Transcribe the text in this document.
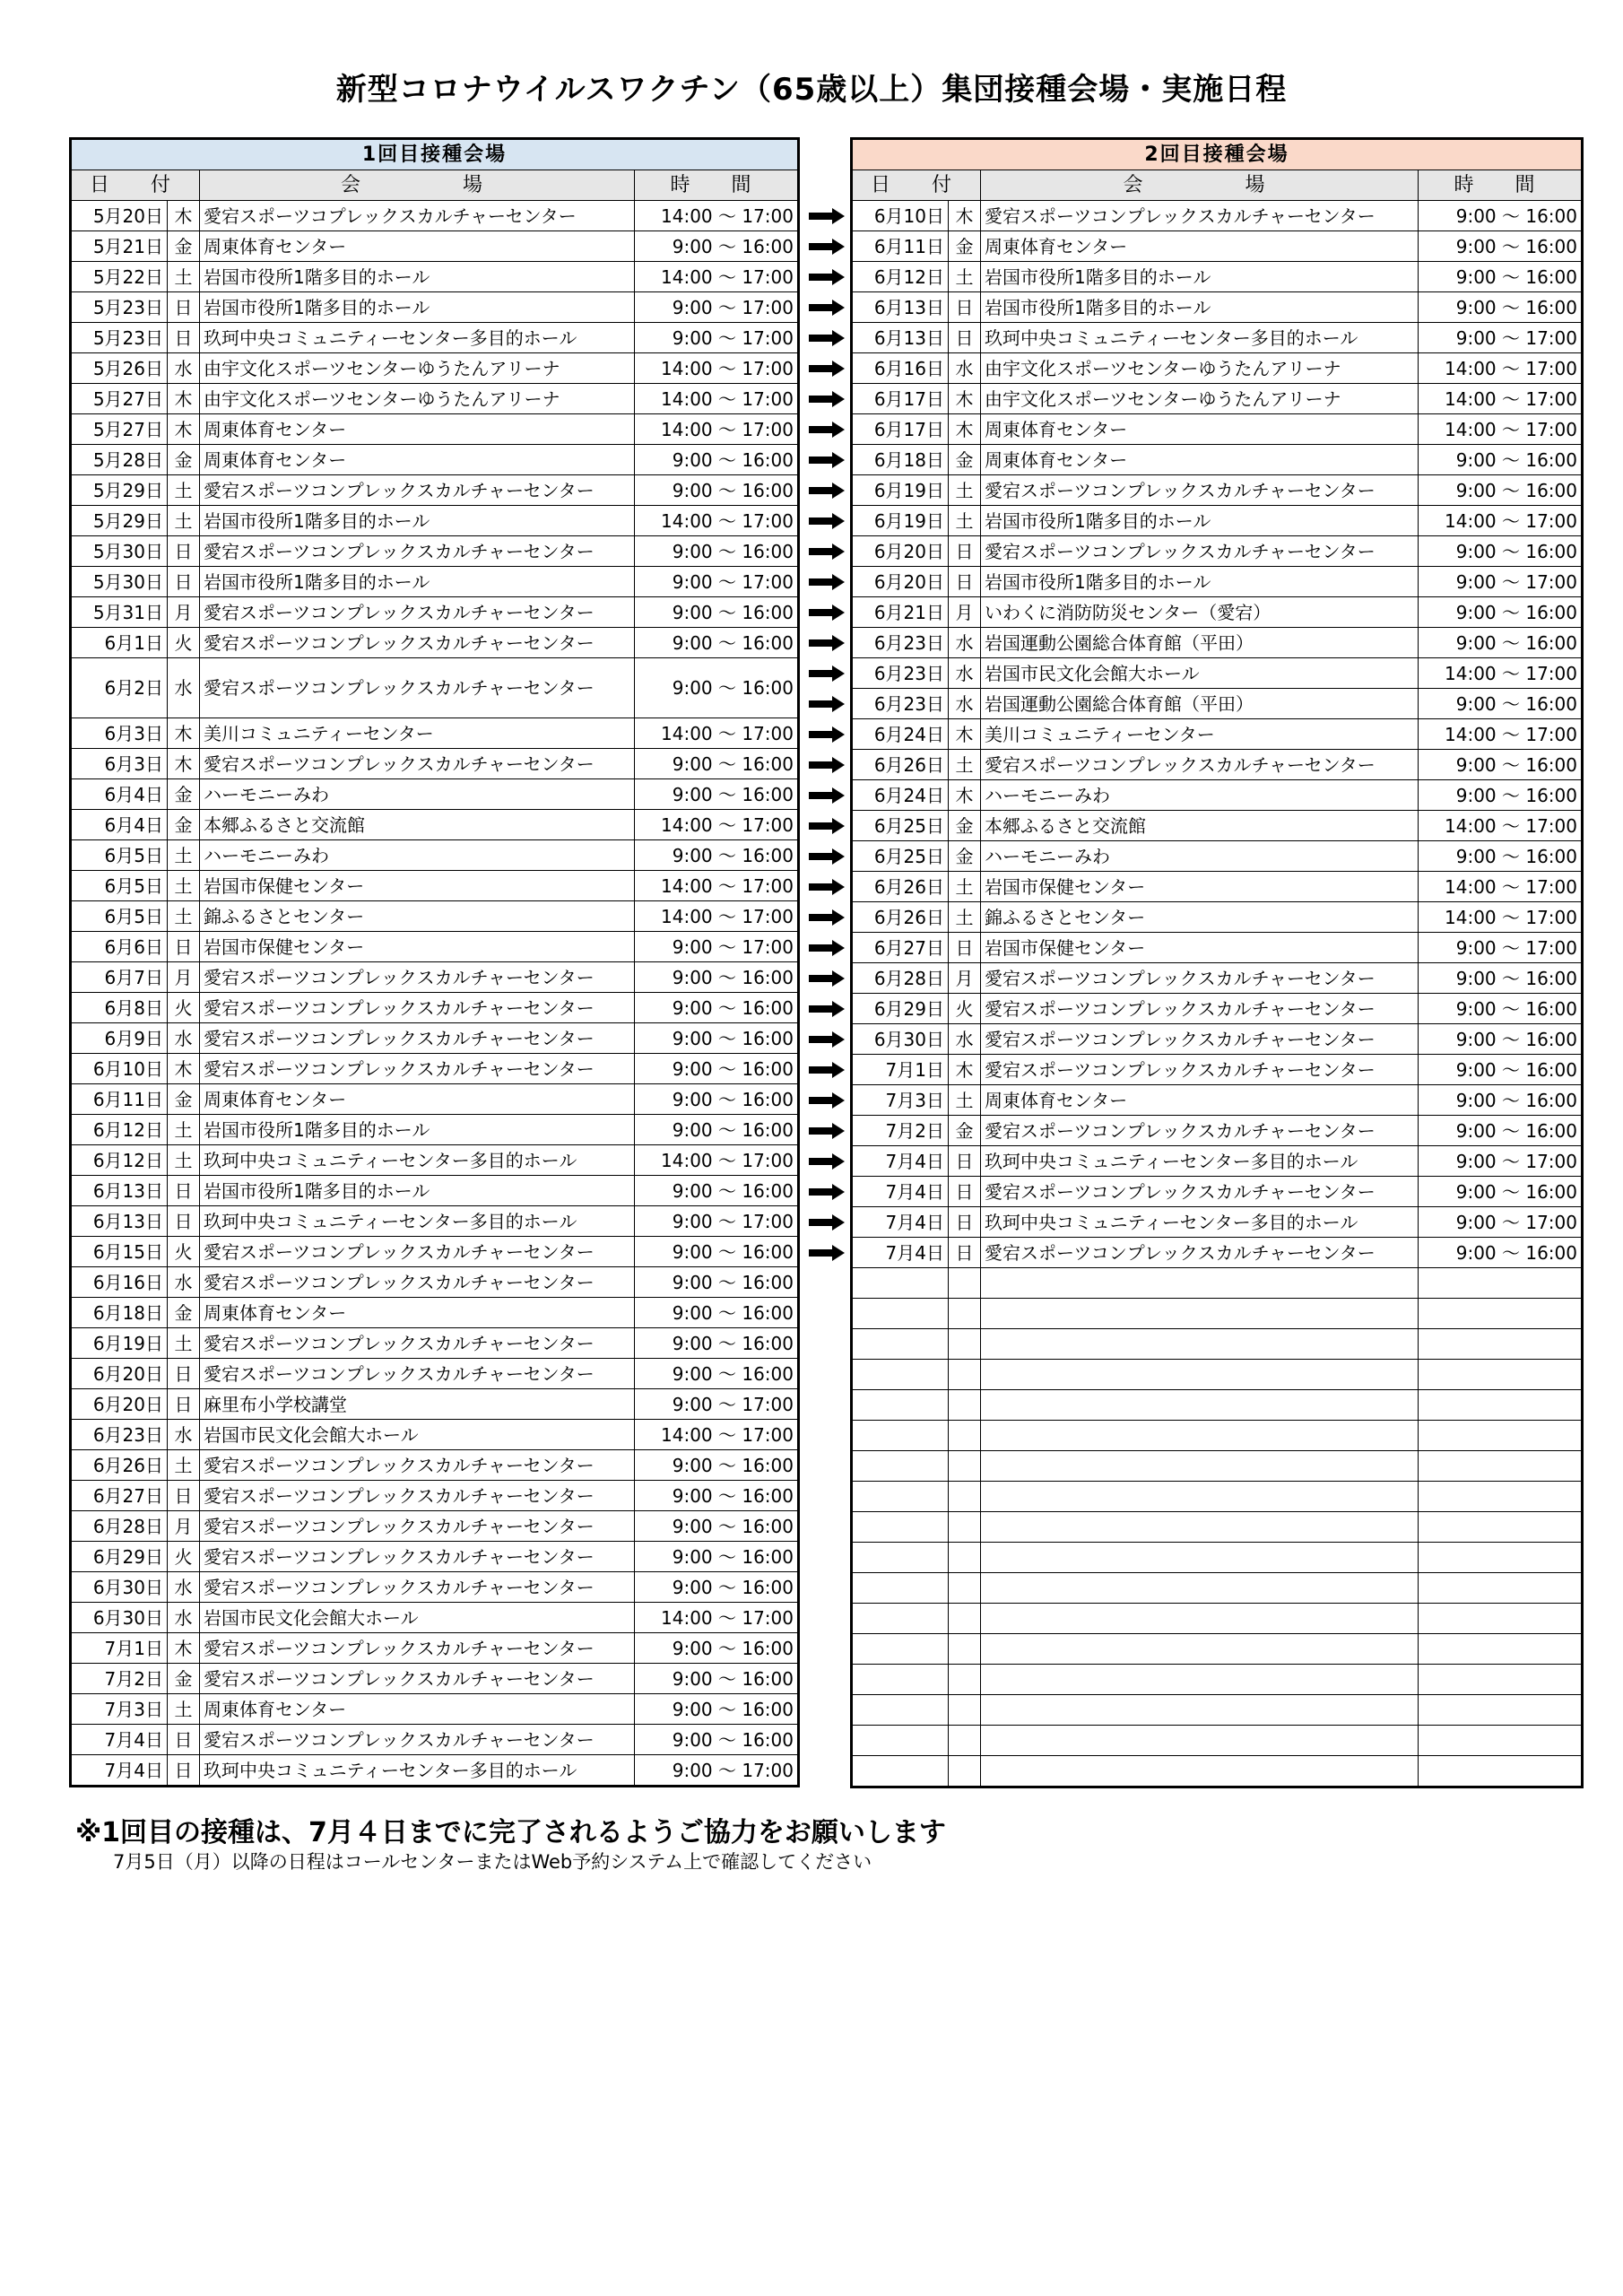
新型コロナウイルスワクチン（65歳以上）集団接種会場・実施日程
1回目接種会場			
日　付		会　　　場	時　間
5月20日	木	愛宕スポーツコプレックスカルチャーセンター	14:00 ～ 17:00
5月21日	金	周東体育センター	9:00 ～ 16:00
5月22日	土	岩国市役所1階多目的ホール	14:00 ～ 17:00
5月23日	日	岩国市役所1階多目的ホール	9:00 ～ 17:00
5月23日	日	玖珂中央コミュニティーセンター多目的ホール	9:00 ～ 17:00
5月26日	水	由宇文化スポーツセンターゆうたんアリーナ	14:00 ～ 17:00
5月27日	木	由宇文化スポーツセンターゆうたんアリーナ	14:00 ～ 17:00
5月27日	木	周東体育センター	14:00 ～ 17:00
5月28日	金	周東体育センター	9:00 ～ 16:00
5月29日	土	愛宕スポーツコンプレックスカルチャーセンター	9:00 ～ 16:00
5月29日	土	岩国市役所1階多目的ホール	14:00 ～ 17:00
5月30日	日	愛宕スポーツコンプレックスカルチャーセンター	9:00 ～ 16:00
5月30日	日	岩国市役所1階多目的ホール	9:00 ～ 17:00
5月31日	月	愛宕スポーツコンプレックスカルチャーセンター	9:00 ～ 16:00
6月1日	火	愛宕スポーツコンプレックスカルチャーセンター	9:00 ～ 16:00
6月2日	水	愛宕スポーツコンプレックスカルチャーセンター	9:00 ～ 16:00
6月3日	木	美川コミュニティーセンター	14:00 ～ 17:00
6月3日	木	愛宕スポーツコンプレックスカルチャーセンター	9:00 ～ 16:00
6月4日	金	ハーモニーみわ	9:00 ～ 16:00
6月4日	金	本郷ふるさと交流館	14:00 ～ 17:00
6月5日	土	ハーモニーみわ	9:00 ～ 16:00
6月5日	土	岩国市保健センター	14:00 ～ 17:00
6月5日	土	錦ふるさとセンター	14:00 ～ 17:00
6月6日	日	岩国市保健センター	9:00 ～ 17:00
6月7日	月	愛宕スポーツコンプレックスカルチャーセンター	9:00 ～ 16:00
6月8日	火	愛宕スポーツコンプレックスカルチャーセンター	9:00 ～ 16:00
6月9日	水	愛宕スポーツコンプレックスカルチャーセンター	9:00 ～ 16:00
6月10日	木	愛宕スポーツコンプレックスカルチャーセンター	9:00 ～ 16:00
6月11日	金	周東体育センター	9:00 ～ 16:00
6月12日	土	岩国市役所1階多目的ホール	9:00 ～ 16:00
6月12日	土	玖珂中央コミュニティーセンター多目的ホール	14:00 ～ 17:00
6月13日	日	岩国市役所1階多目的ホール	9:00 ～ 16:00
6月13日	日	玖珂中央コミュニティーセンター多目的ホール	9:00 ～ 17:00
6月15日	火	愛宕スポーツコンプレックスカルチャーセンター	9:00 ～ 16:00
6月16日	水	愛宕スポーツコンプレックスカルチャーセンター	9:00 ～ 16:00
6月18日	金	周東体育センター	9:00 ～ 16:00
6月19日	土	愛宕スポーツコンプレックスカルチャーセンター	9:00 ～ 16:00
6月20日	日	愛宕スポーツコンプレックスカルチャーセンター	9:00 ～ 16:00
6月20日	日	麻里布小学校講堂	9:00 ～ 17:00
6月23日	水	岩国市民文化会館大ホール	14:00 ～ 17:00
6月26日	土	愛宕スポーツコンプレックスカルチャーセンター	9:00 ～ 16:00
6月27日	日	愛宕スポーツコンプレックスカルチャーセンター	9:00 ～ 16:00
6月28日	月	愛宕スポーツコンプレックスカルチャーセンター	9:00 ～ 16:00
6月29日	火	愛宕スポーツコンプレックスカルチャーセンター	9:00 ～ 16:00
6月30日	水	愛宕スポーツコンプレックスカルチャーセンター	9:00 ～ 16:00
6月30日	水	岩国市民文化会館大ホール	14:00 ～ 17:00
7月1日	木	愛宕スポーツコンプレックスカルチャーセンター	9:00 ～ 16:00
7月2日	金	愛宕スポーツコンプレックスカルチャーセンター	9:00 ～ 16:00
7月3日	土	周東体育センター	9:00 ～ 16:00
7月4日	日	愛宕スポーツコンプレックスカルチャーセンター	9:00 ～ 16:00
7月4日	日	玖珂中央コミュニティーセンター多目的ホール	9:00 ～ 17:00
2回目接種会場			
日　付		会　　　場	時　間
6月10日	木	愛宕スポーツコンプレックスカルチャーセンター	9:00 ～ 16:00
6月11日	金	周東体育センター	9:00 ～ 16:00
6月12日	土	岩国市役所1階多目的ホール	9:00 ～ 16:00
6月13日	日	岩国市役所1階多目的ホール	9:00 ～ 16:00
6月13日	日	玖珂中央コミュニティーセンター多目的ホール	9:00 ～ 17:00
6月16日	水	由宇文化スポーツセンターゆうたんアリーナ	14:00 ～ 17:00
6月17日	木	由宇文化スポーツセンターゆうたんアリーナ	14:00 ～ 17:00
6月17日	木	周東体育センター	14:00 ～ 17:00
6月18日	金	周東体育センター	9:00 ～ 16:00
6月19日	土	愛宕スポーツコンプレックスカルチャーセンター	9:00 ～ 16:00
6月19日	土	岩国市役所1階多目的ホール	14:00 ～ 17:00
6月20日	日	愛宕スポーツコンプレックスカルチャーセンター	9:00 ～ 16:00
6月20日	日	岩国市役所1階多目的ホール	9:00 ～ 17:00
6月21日	月	いわくに消防防災センター（愛宕）	9:00 ～ 16:00
6月23日	水	岩国運動公園総合体育館（平田）	9:00 ～ 16:00
6月23日	水	岩国市民文化会館大ホール	14:00 ～ 17:00
6月23日	水	岩国運動公園総合体育館（平田）	9:00 ～ 16:00
6月24日	木	美川コミュニティーセンター	14:00 ～ 17:00
6月26日	土	愛宕スポーツコンプレックスカルチャーセンター	9:00 ～ 16:00
6月24日	木	ハーモニーみわ	9:00 ～ 16:00
6月25日	金	本郷ふるさと交流館	14:00 ～ 17:00
6月25日	金	ハーモニーみわ	9:00 ～ 16:00
6月26日	土	岩国市保健センター	14:00 ～ 17:00
6月26日	土	錦ふるさとセンター	14:00 ～ 17:00
6月27日	日	岩国市保健センター	9:00 ～ 17:00
6月28日	月	愛宕スポーツコンプレックスカルチャーセンター	9:00 ～ 16:00
6月29日	火	愛宕スポーツコンプレックスカルチャーセンター	9:00 ～ 16:00
6月30日	水	愛宕スポーツコンプレックスカルチャーセンター	9:00 ～ 16:00
7月1日	木	愛宕スポーツコンプレックスカルチャーセンター	9:00 ～ 16:00
7月3日	土	周東体育センター	9:00 ～ 16:00
7月2日	金	愛宕スポーツコンプレックスカルチャーセンター	9:00 ～ 16:00
7月4日	日	玖珂中央コミュニティーセンター多目的ホール	9:00 ～ 17:00
7月4日	日	愛宕スポーツコンプレックスカルチャーセンター	9:00 ～ 16:00
7月4日	日	玖珂中央コミュニティーセンター多目的ホール	9:00 ～ 17:00
7月4日	日	愛宕スポーツコンプレックスカルチャーセンター	9:00 ～ 16:00

※1回目の接種は、7月４日までに完了されるようご協力をお願いします
7月5日（月）以降の日程はコールセンターまたはWeb予約システム上で確認してください
